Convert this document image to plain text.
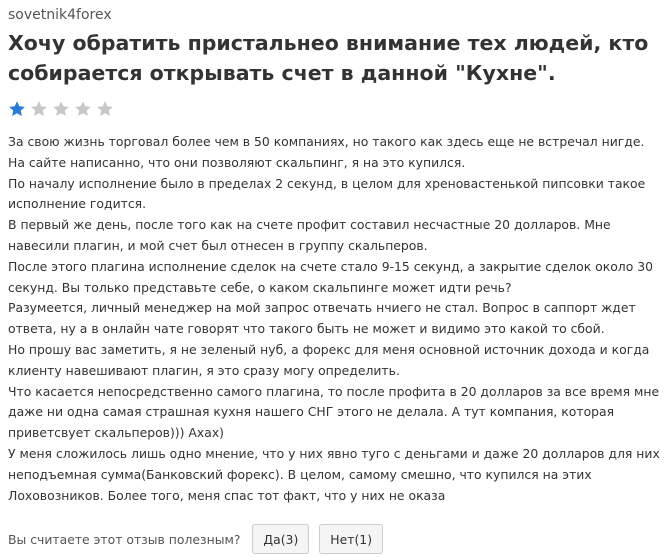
sovetnik4forex
Хочу обратить пристальнео внимание тех людей, кто собирается открывать счет в данной "Кухне".

За свою жизнь торговал более чем в 50 компаниях, но такого как здесь еще не встречал нигде.

На сайте написанно, что они позволяют скальпинг, я на это купился.

По началу исполнение было в пределах 2 секунд, в целом для хреновастенькой пипсовки такое исполнение годится.

В первый же день, после того как на счете профит составил несчастные 20 долларов. Мне навесили плагин, и мой счет был отнесен в группу скальперов.

После этого плагина исполнение сделок на счете стало 9-15 секунд, а закрытие сделок около 30 секунд. Вы только представьте себе, о каком скальпинге может идти речь?

Разумеется, личный менеджер на мой запрос отвечать нчиего не стал. Вопрос в саппорт ждет ответа, ну а в онлайн чате говорят что такого быть не может и видимо это какой то сбой.

Но прошу вас заметить, я не зеленый нуб, а форекс для меня основной источник дохода и когда клиенту навешивают плагин, я это сразу могу определить.

Что касается непосредственно самого плагина, то после профита в 20 долларов за все время мне даже ни одна самая страшная кухня нашего СНГ этого не делала. А тут компания, которая приветсвует скальперов))) Ахах)

У меня сложилось лишь одно мнение, что у них явно туго с деньгами и даже 20 долларов для них неподъемная сумма(Банковский форекс). В целом, самому смешно, что купился на этих Лоховозников. Более того, меня спас тот факт, что у них не оказа

Вы считаете этот отзыв полезным? Да ( 3 )	Нет ( 1 )
